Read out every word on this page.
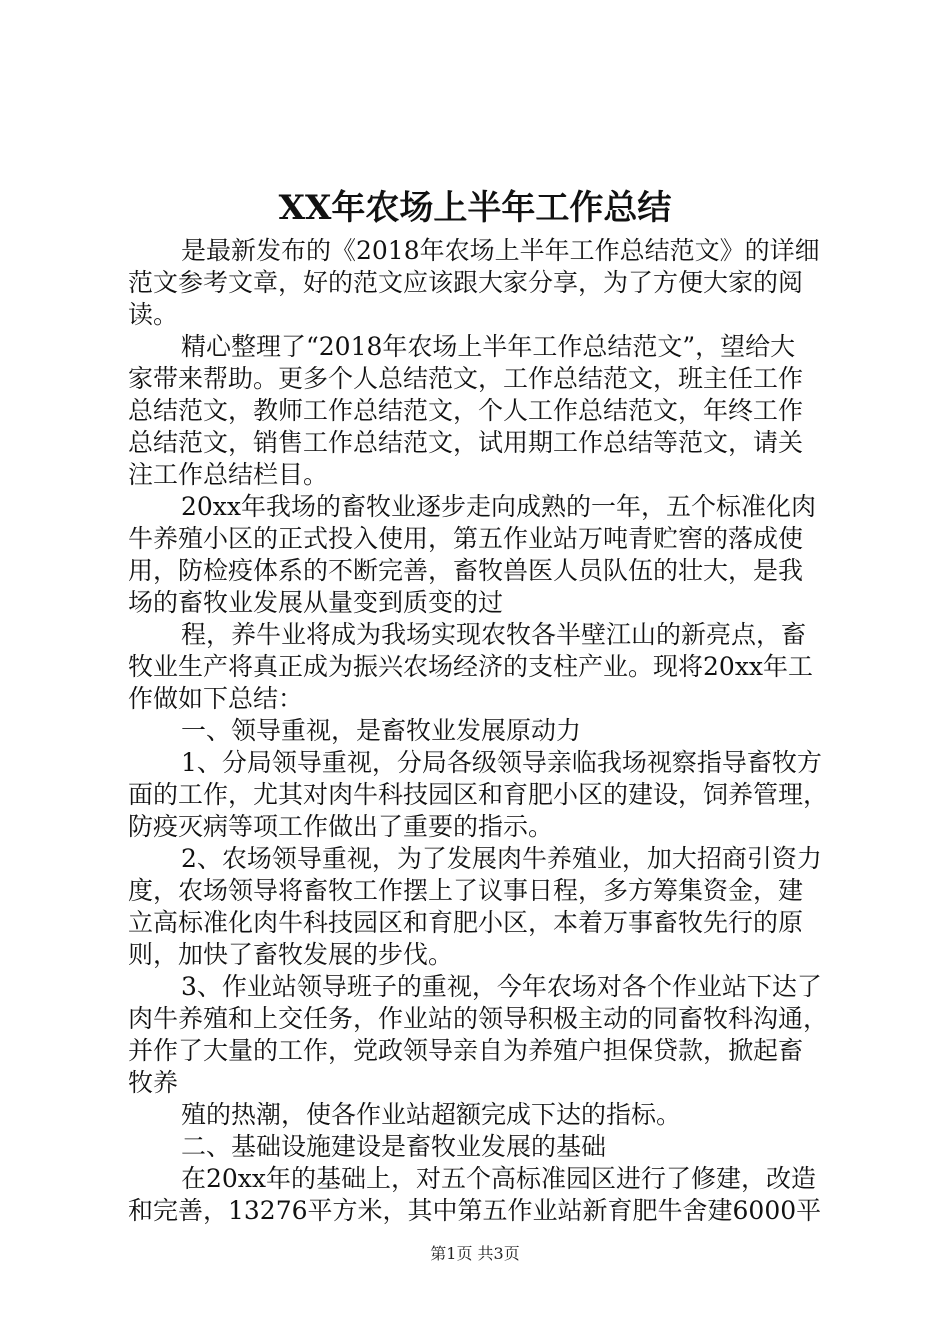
XX年农场上半年工作总结
是最新发布的《2018年农场上半年工作总结范文》的详细
范文参考文章，好的范文应该跟大家分享，为了方便大家的阅
读。
精心整理了“2018年农场上半年工作总结范文”，望给大
家带来帮助。更多个人总结范文，工作总结范文，班主任工作
总结范文，教师工作总结范文，个人工作总结范文，年终工作
总结范文，销售工作总结范文，试用期工作总结等范文，请关
注工作总结栏目。
20xx年我场的畜牧业逐步走向成熟的一年，五个标准化肉
牛养殖小区的正式投入使用，第五作业站万吨青贮窖的落成使
用，防检疫体系的不断完善，畜牧兽医人员队伍的壮大，是我
场的畜牧业发展从量变到质变的过
程，养牛业将成为我场实现农牧各半壁江山的新亮点，畜
牧业生产将真正成为振兴农场经济的支柱产业。现将20xx年工
作做如下总结：
一、领导重视，是畜牧业发展原动力
1、分局领导重视，分局各级领导亲临我场视察指导畜牧方
面的工作，尤其对肉牛科技园区和育肥小区的建设，饲养管理，
防疫灭病等项工作做出了重要的指示。
2、农场领导重视，为了发展肉牛养殖业，加大招商引资力
度，农场领导将畜牧工作摆上了议事日程，多方筹集资金，建
立高标准化肉牛科技园区和育肥小区，本着万事畜牧先行的原
则，加快了畜牧发展的步伐。
3、作业站领导班子的重视，今年农场对各个作业站下达了
肉牛养殖和上交任务，作业站的领导积极主动的同畜牧科沟通，
并作了大量的工作，党政领导亲自为养殖户担保贷款，掀起畜
牧养
殖的热潮，使各作业站超额完成下达的指标。
二、基础设施建设是畜牧业发展的基础
在20xx年的基础上，对五个高标准园区进行了修建，改造
和完善，13276平方米，其中第五作业站新育肥牛舍建6000平
第1页 共3页
